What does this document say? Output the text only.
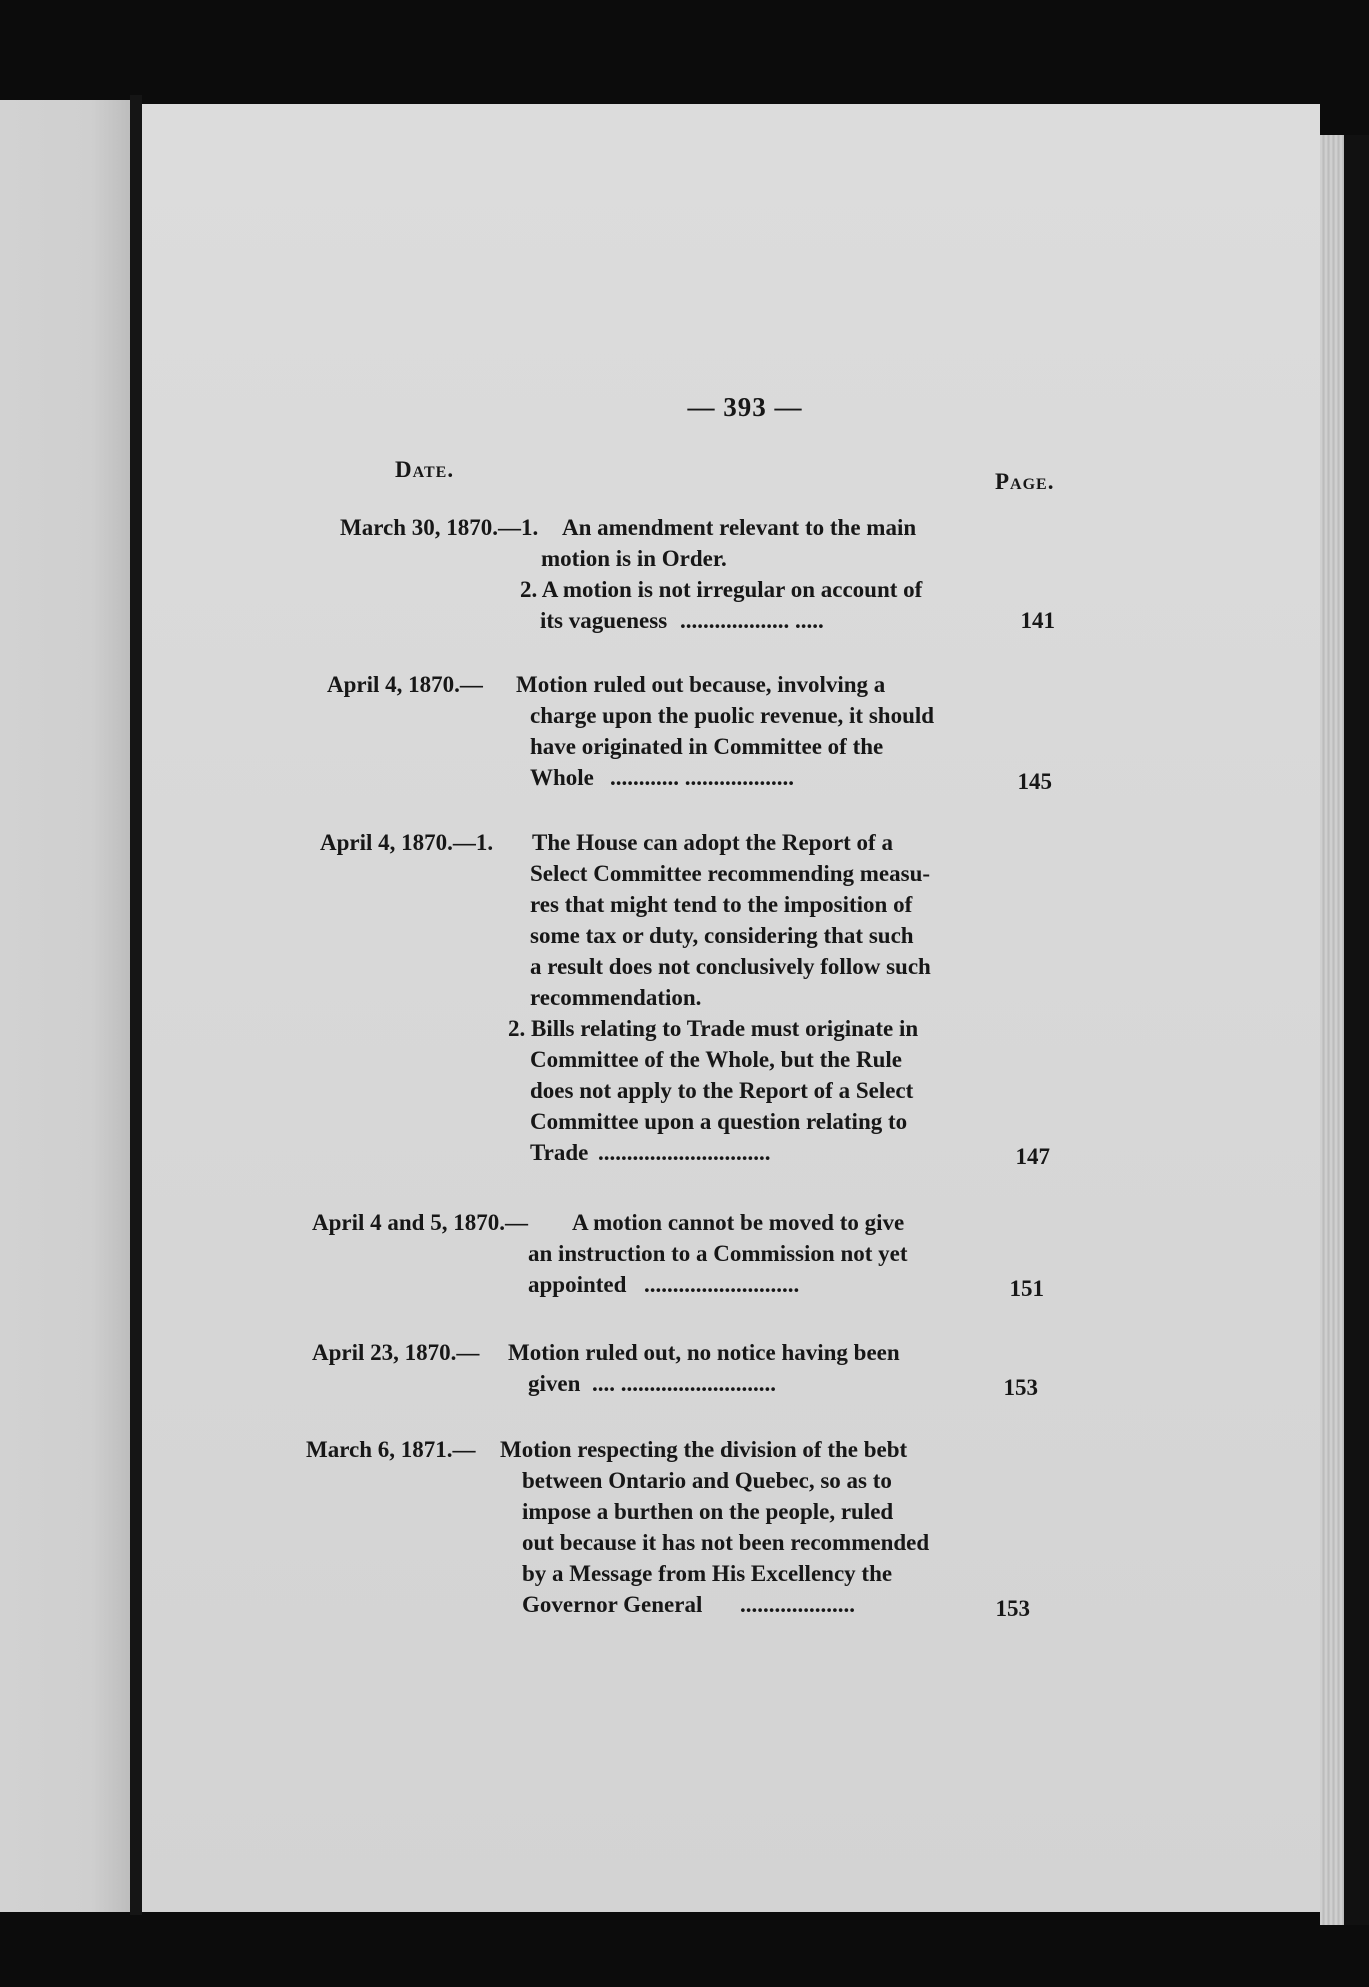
— 393 —
Date.	Page.
March 30, 1870.—1. An amendment relevant to the main
motion is in Order.
2. A motion is not irregular on account of
its vagueness ................... .....	141
April 4, 1870.— Motion ruled out because, involving a
charge upon the puolic revenue, it should
have originated in Committee of the
Whole ............ ...................	145
April 4, 1870.—1. The House can adopt the Report of a
Select Committee recommending measu-
res that might tend to the imposition of
some tax or duty, considering that such
a result does not conclusively follow such
recommendation.
2. Bills relating to Trade must originate in
Committee of the Whole, but the Rule
does not apply to the Report of a Select
Committee upon a question relating to
Trade ..............................	147
April 4 and 5, 1870.— A motion cannot be moved to give
an instruction to a Commission not yet
appointed ...........................	151
April 23, 1870.— Motion ruled out, no notice having been
given .... ...........................	153
March 6, 1871.— Motion respecting the division of the bebt
between Ontario and Quebec, so as to
impose a burthen on the people, ruled
out because it has not been recommended
by a Message from His Excellency the
Governor General ....................	153
